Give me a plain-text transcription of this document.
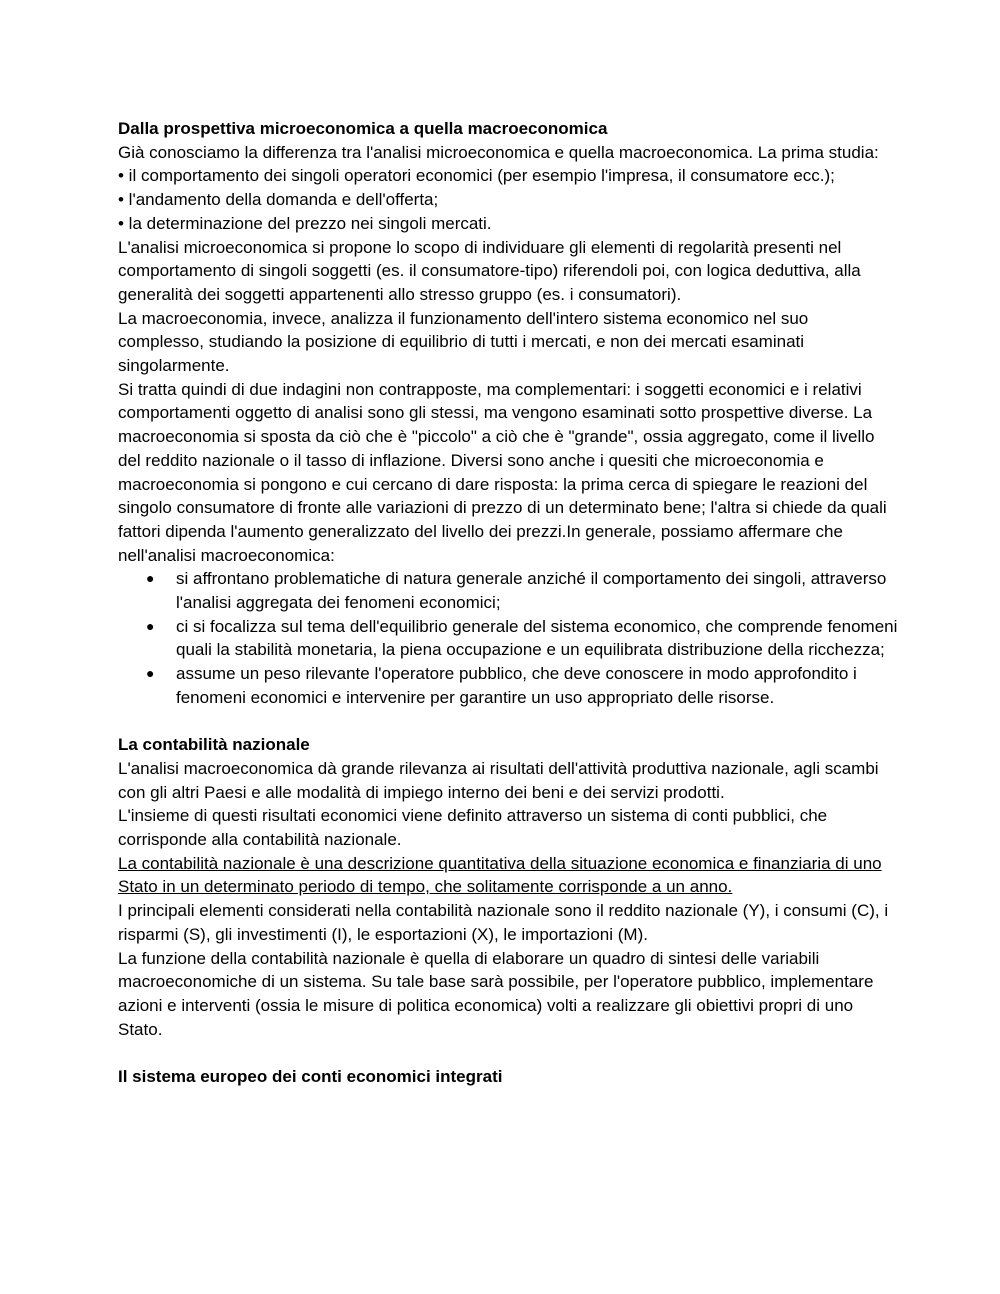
Dalla prospettiva microeconomica a quella macroeconomica

Già conosciamo la differenza tra l'analisi microeconomica e quella macroeconomica. La prima studia:

• il comportamento dei singoli operatori economici (per esempio l'impresa, il consumatore ecc.);

• l'andamento della domanda e dell'offerta;

• la determinazione del prezzo nei singoli mercati.

L'analisi microeconomica si propone lo scopo di individuare gli elementi di regolarità presenti nel comportamento di singoli soggetti (es. il consumatore-tipo) riferendoli poi, con logica deduttiva, alla generalità dei soggetti appartenenti allo stresso gruppo (es. i consumatori).

La macroeconomia, invece, analizza il funzionamento dell'intero sistema economico nel suo complesso, studiando la posizione di equilibrio di tutti i mercati, e non dei mercati esaminati singolarmente.

Si tratta quindi di due indagini non contrapposte, ma complementari: i soggetti economici e i relativi comportamenti oggetto di analisi sono gli stessi, ma vengono esaminati sotto prospettive diverse. La macroeconomia si sposta da ciò che è "piccolo" a ciò che è "grande", ossia aggregato, come il livello del reddito nazionale o il tasso di inflazione. Diversi sono anche i quesiti che microeconomia e macroeconomia si pongono e cui cercano di dare risposta: la prima cerca di spiegare le reazioni del singolo consumatore di fronte alle variazioni di prezzo di un determinato bene; l'altra si chiede da quali fattori dipenda l'aumento generalizzato del livello dei prezzi.In generale, possiamo affermare che nell'analisi macroeconomica:

● si affrontano problematiche di natura generale anziché il comportamento dei singoli, attraverso l'analisi aggregata dei fenomeni economici;
● ci si focalizza sul tema dell'equilibrio generale del sistema economico, che comprende fenomeni quali la stabilità monetaria, la piena occupazione e un equilibrata distribuzione della ricchezza;
● assume un peso rilevante l'operatore pubblico, che deve conoscere in modo approfondito i fenomeni economici e intervenire per garantire un uso appropriato delle risorse.

La contabilità nazionale

L'analisi macroeconomica dà grande rilevanza ai risultati dell'attività produttiva nazionale, agli scambi con gli altri Paesi e alle modalità di impiego interno dei beni e dei servizi prodotti.

L'insieme di questi risultati economici viene definito attraverso un sistema di conti pubblici, che corrisponde alla contabilità nazionale.

La contabilità nazionale è una descrizione quantitativa della situazione economica e finanziaria di uno Stato in un determinato periodo di tempo, che solitamente corrisponde a un anno.

I principali elementi considerati nella contabilità nazionale sono il reddito nazionale (Y), i consumi (C), i risparmi (S), gli investimenti (I), le esportazioni (X), le importazioni (M).

La funzione della contabilità nazionale è quella di elaborare un quadro di sintesi delle variabili macroeconomiche di un sistema. Su tale base sarà possibile, per l'operatore pubblico, implementare azioni e interventi (ossia le misure di politica economica) volti a realizzare gli obiettivi propri di uno Stato.

Il sistema europeo dei conti economici integrati
